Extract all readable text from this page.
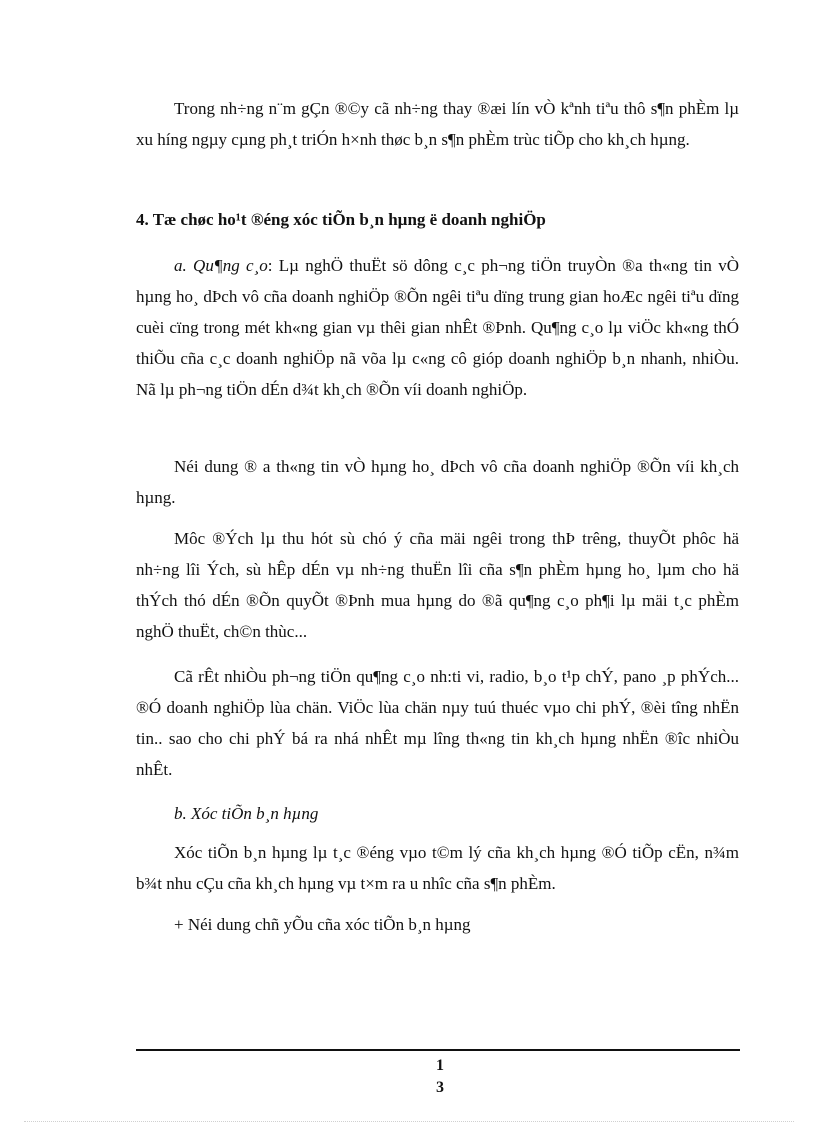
Trong nh÷ng n¨m gÇn ®©y cã nh÷ng thay ®æi lín vÒ kªnh tiªu thô s¶n phÈm lµ xu híng ngµy cµng ph¸t triÓn h×nh thøc b¸n s¶n phÈm trùc tiÕp cho kh¸ch hµng.

4. Tæ chøc ho¹t ®éng xóc tiÕn b¸n hµng ë doanh nghiÖp

a. Qu¶ng c¸o: Lµ nghÖ thuËt sö dông c¸c ph¬ng tiÖn truyÒn ®a th«ng tin vÒ hµng ho¸ dÞch vô cña doanh nghiÖp ®Õn ngêi tiªu dïng trung gian hoÆc ngêi tiªu dïng cuèi cïng trong mét kh«ng gian vµ thêi gian nhÊt ®Þnh. Qu¶ng c¸o lµ viÖc kh«ng thÓ thiÕu cña c¸c doanh nghiÖp nã võa lµ c«ng cô gióp doanh nghiÖp b¸n nhanh, nhiÒu. Nã lµ ph¬ng tiÖn dÉn d¾t kh¸ch ®Õn víi doanh nghiÖp.

Néi dung ® a th«ng tin vÒ hµng ho¸ dÞch vô cña doanh nghiÖp ®Õn víi kh¸ch hµng.

Môc ®Ých lµ thu hót sù chó ý cña mäi ngêi trong thÞ trêng, thuyÕt phôc hä nh÷ng lîi Ých, sù hÊp dÉn vµ nh÷ng thuËn lîi cña s¶n phÈm hµng ho¸ lµm cho hä thÝch thó dÉn ®Õn quyÕt ®Þnh mua hµng do ®ã qu¶ng c¸o ph¶i lµ mäi t¸c phÈm nghÖ thuËt, ch©n thùc...

Cã rÊt nhiÒu ph¬ng tiÖn qu¶ng c¸o nh:ti vi, radio, b¸o t¹p chÝ, pano ¸p phÝch... ®Ó doanh nghiÖp lùa chän. ViÖc lùa chän nµy tuú thuéc vµo chi phÝ, ®èi tîng nhËn tin.. sao cho chi phÝ bá ra nhá nhÊt mµ lîng th«ng tin kh¸ch hµng nhËn ®îc nhiÒu nhÊt.

b. Xóc tiÕn b¸n hµng

Xóc tiÕn b¸n hµng lµ t¸c ®éng vµo t©m lý cña kh¸ch hµng ®Ó tiÕp cËn, n¾m b¾t nhu cÇu cña kh¸ch hµng vµ t×m ra u nhîc cña s¶n phÈm.

+ Néi dung chñ yÕu cña xóc tiÕn b¸n hµng

1
3
